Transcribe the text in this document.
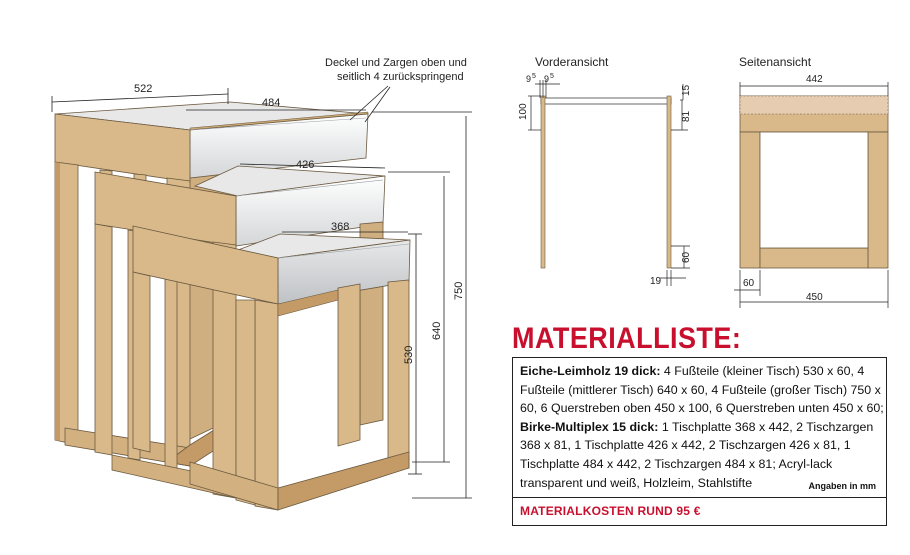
Deckel und Zargen oben und
seitlich 4 zurückspringend
522
484
426
368
750
640
530
Vorderansicht
9 5 9 5
100
15
81
19
60
Seitenansicht
442
60
450
MATERIALLISTE:
Eiche-Leimholz 19 dick: 4 Fußteile (kleiner Tisch) 530 x 60, 4 Fußteile (mittlerer Tisch) 640 x 60, 4 Fußteile (großer Tisch) 750 x 60, 6 Querstreben oben 450 x 100, 6 Querstreben unten 450 x 60; Birke-Multiplex 15 dick: 1 Tischplatte 368 x 442, 2 Tischzargen 368 x 81, 1 Tischplatte 426 x 442, 2 Tischzargen 426 x 81, 1 Tischplatte 484 x 442, 2 Tischzargen 484 x 81; Acryl-lack transparent und weiß, Holzleim, Stahlstifte	Angaben in mm
MATERIALKOSTEN RUND 95 €
